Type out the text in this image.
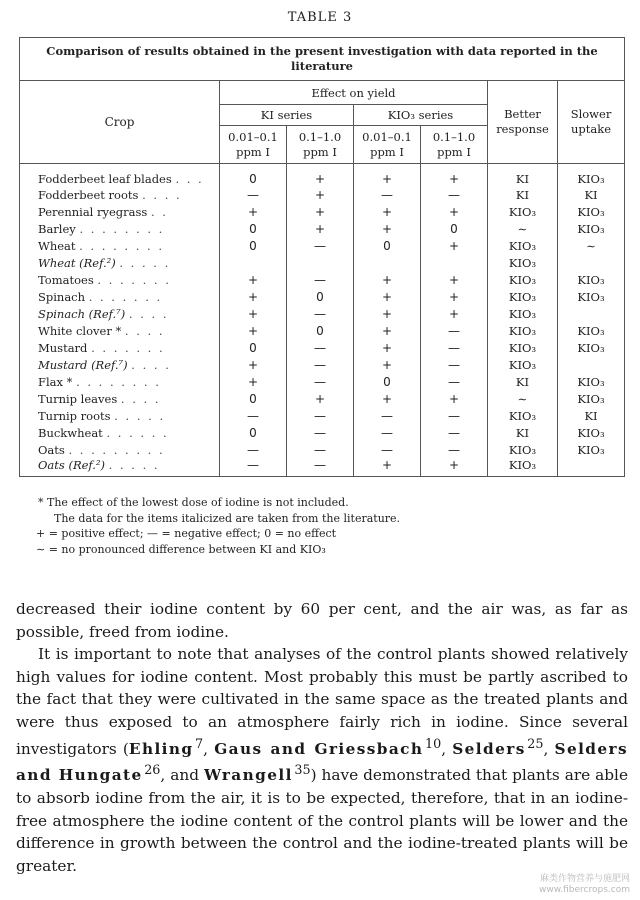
TABLE 3
Comparison of results obtained in the present investigation with data reported in the literature						
Crop	Effect on yield				Better response	Slower uptake
	KI series		KIO₃ series			
	0.01–0.1 ppm I	0.1–1.0 ppm I	0.01–0.1 ppm I	0.1–1.0 ppm I		
Fodderbeet leaf blades . . .	0	+	+	+	KI	KIO₃
Fodderbeet roots . . . .	—	+	—	—	KI	KI
Perennial ryegrass . .	+	+	+	+	KIO₃	KIO₃
Barley . . . . . . . .	0	+	+	0	∼	KIO₃
Wheat . . . . . . . .	0	—	0	+	KIO₃	∼
Wheat (Ref.²) . . . . .					KIO₃	
Tomatoes . . . . . . .	+	—	+	+	KIO₃	KIO₃
Spinach . . . . . . .	+	0	+	+	KIO₃	KIO₃
Spinach (Ref.⁷) . . . .	+	—	+	+	KIO₃	
White clover * . . . .	+	0	+	—	KIO₃	KIO₃
Mustard . . . . . . .	0	—	+	—	KIO₃	KIO₃
Mustard (Ref.⁷) . . . .	+	—	+	—	KIO₃	
Flax * . . . . . . . .	+	—	0	—	KI	KIO₃
Turnip leaves . . . .	0	+	+	+	∼	KIO₃
Turnip roots . . . . .	—	—	—	—	KIO₃	KI
Buckwheat . . . . . .	0	—	—	—	KI	KIO₃
Oats . . . . . . . . .	—	—	—	—	KIO₃	KIO₃
Oats (Ref.²) . . . . .	—	—	+	+	KIO₃	
* The effect of the lowest dose of iodine is not included.
The data for the items italicized are taken from the literature.
+ = positive effect; — = negative effect; 0 = no effect
∼ = no pronounced difference between KI and KIO₃

decreased their iodine content by 60 per cent, and the air was, as far as possible, freed from iodine.

It is important to note that analyses of the control plants showed relatively high values for iodine content. Most probably this must be partly ascribed to the fact that they were cultivated in the same space as the treated plants and were thus exposed to an atmosphere fairly rich in iodine. Since several investigators (Ehling  $^7$, Gaus and Griessbach  $^{10}$, Selders  $^{25}$, Selders and Hungate  $^{26}$, and Wrangell  $^{35}$) have demonstrated that plants are able to absorb iodine from the air, it is to be expected, therefore, that in an iodine-free atmosphere the iodine content of the control plants will be lower and the difference in growth between the control and the iodine-treated plants will be greater.

麻类作物营养与施肥网
www.fibercrops.com
